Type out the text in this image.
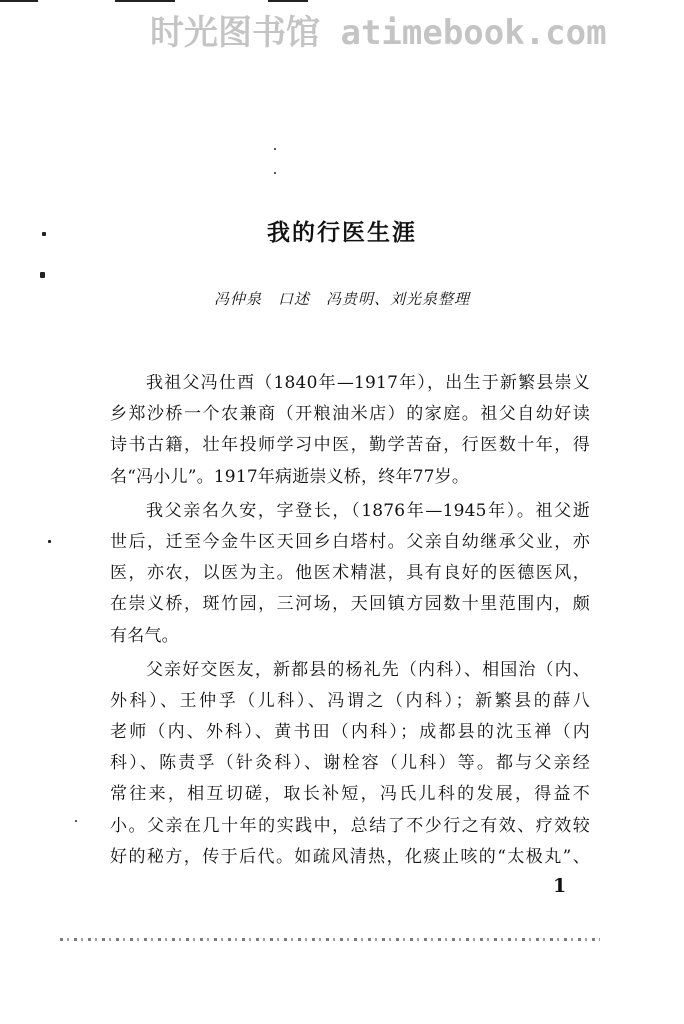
时光图书馆 atimebook.com
我的行医生涯
冯仲泉　口述　冯贵明、刘光泉整理
我祖父冯仕酉（1840年—1917年），出生于新繁县崇义
乡郑沙桥一个农兼商（开粮油米店）的家庭。祖父自幼好读
诗书古籍，壮年投师学习中医，勤学苦奋，行医数十年，得
名“冯小儿”。1917年病逝崇义桥，终年77岁。
我父亲名久安，字登长，（1876年—1945年）。祖父逝
世后，迁至今金牛区天回乡白塔村。父亲自幼继承父业，亦
医，亦农，以医为主。他医术精湛，具有良好的医德医风，
在崇义桥，斑竹园，三河场，天回镇方园数十里范围内，颇
有名气。
父亲好交医友，新都县的杨礼先（内科）、相国治（内、
外科）、王仲孚（儿科）、冯谓之（内科）；新繁县的薛八
老师（内、外科）、黄书田（内科）；成都县的沈玉禅（内
科）、陈责孚（针灸科）、谢栓容（儿科）等。都与父亲经
常往来，相互切磋，取长补短，冯氏儿科的发展，得益不
小。父亲在几十年的实践中，总结了不少行之有效、疗效较
好的秘方，传于后代。如疏风清热，化痰止咳的“太极丸”、
1
